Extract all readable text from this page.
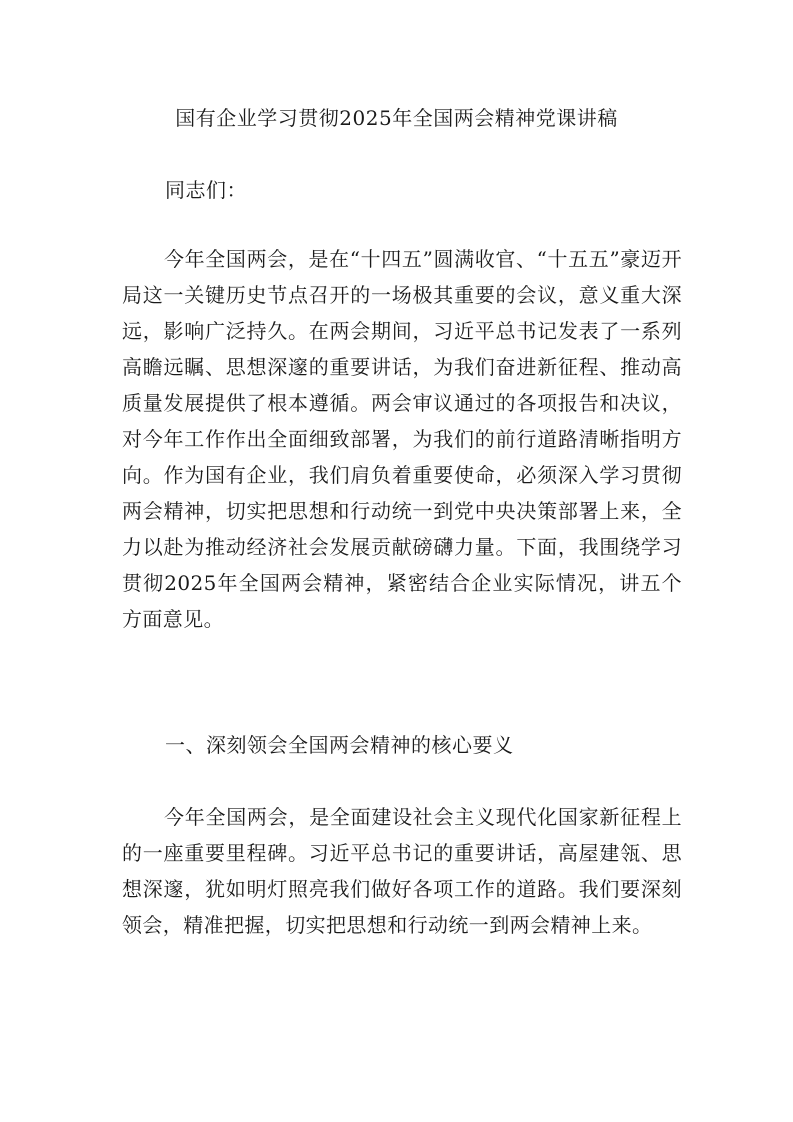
国有企业学习贯彻2025年全国两会精神党课讲稿
同志们：

今年全国两会，是在“十四五”圆满收官、“十五五”豪迈开局这一关键历史节点召开的一场极其重要的会议，意义重大深远，影响广泛持久。在两会期间，习近平总书记发表了一系列高瞻远瞩、思想深邃的重要讲话，为我们奋进新征程、推动高质量发展提供了根本遵循。两会审议通过的各项报告和决议，对今年工作作出全面细致部署，为我们的前行道路清晰指明方向。作为国有企业，我们肩负着重要使命，必须深入学习贯彻两会精神，切实把思想和行动统一到党中央决策部署上来，全力以赴为推动经济社会发展贡献磅礴力量。下面，我围绕学习贯彻2025年全国两会精神，紧密结合企业实际情况，讲五个方面意见。

一、深刻领会全国两会精神的核心要义

今年全国两会，是全面建设社会主义现代化国家新征程上的一座重要里程碑。习近平总书记的重要讲话，高屋建瓴、思想深邃，犹如明灯照亮我们做好各项工作的道路。我们要深刻领会，精准把握，切实把思想和行动统一到两会精神上来。
